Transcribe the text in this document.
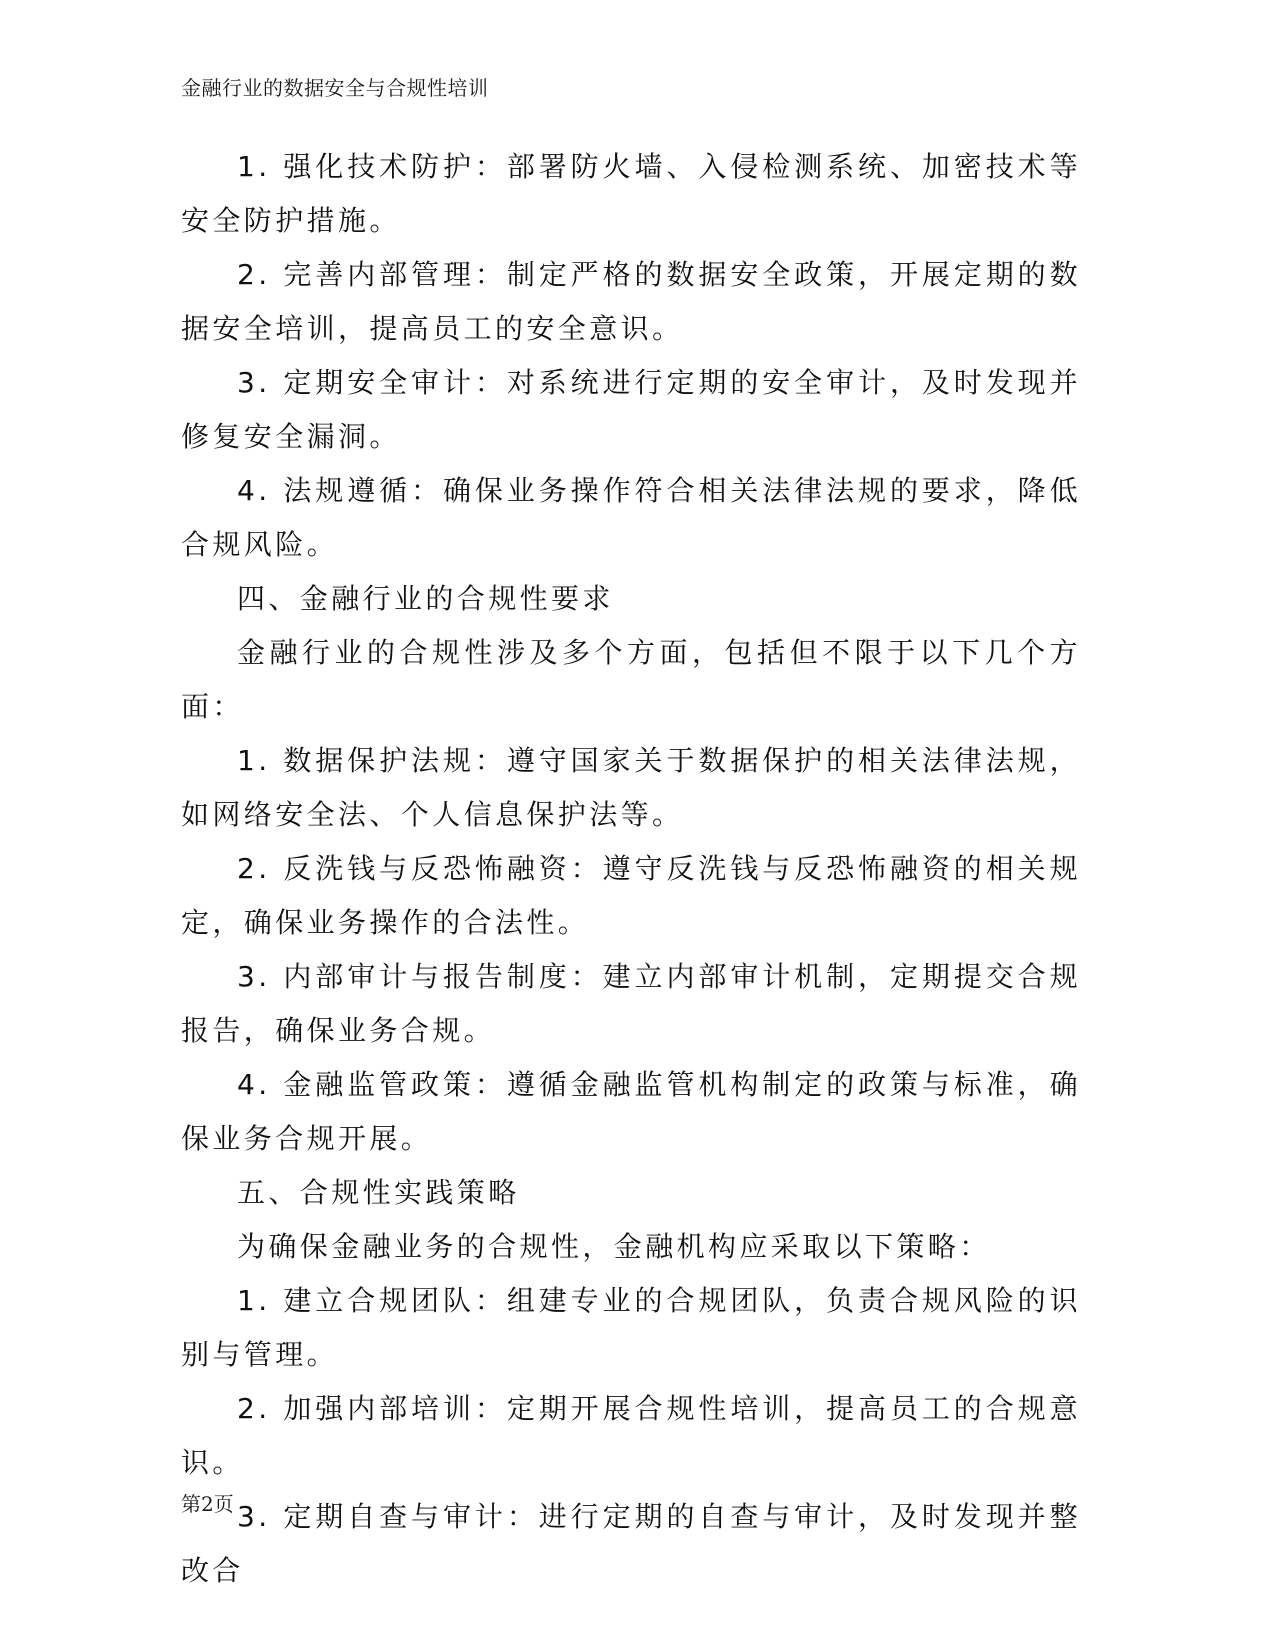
金融行业的数据安全与合规性培训

1. 强化技术防护：部署防火墙、入侵检测系统、加密技术等安全防护措施。

2. 完善内部管理：制定严格的数据安全政策，开展定期的数据安全培训，提高员工的安全意识。

3. 定期安全审计：对系统进行定期的安全审计，及时发现并修复安全漏洞。

4. 法规遵循：确保业务操作符合相关法律法规的要求，降低合规风险。

四、金融行业的合规性要求

金融行业的合规性涉及多个方面，包括但不限于以下几个方面：

1. 数据保护法规：遵守国家关于数据保护的相关法律法规，如网络安全法、个人信息保护法等。

2. 反洗钱与反恐怖融资：遵守反洗钱与反恐怖融资的相关规定，确保业务操作的合法性。

3. 内部审计与报告制度：建立内部审计机制，定期提交合规报告，确保业务合规。

4. 金融监管政策：遵循金融监管机构制定的政策与标准，确保业务合规开展。

五、合规性实践策略

为确保金融业务的合规性，金融机构应采取以下策略：

1. 建立合规团队：组建专业的合规团队，负责合规风险的识别与管理。

2. 加强内部培训：定期开展合规性培训，提高员工的合规意识。

3. 定期自查与审计：进行定期的自查与审计，及时发现并整改合

第2页
